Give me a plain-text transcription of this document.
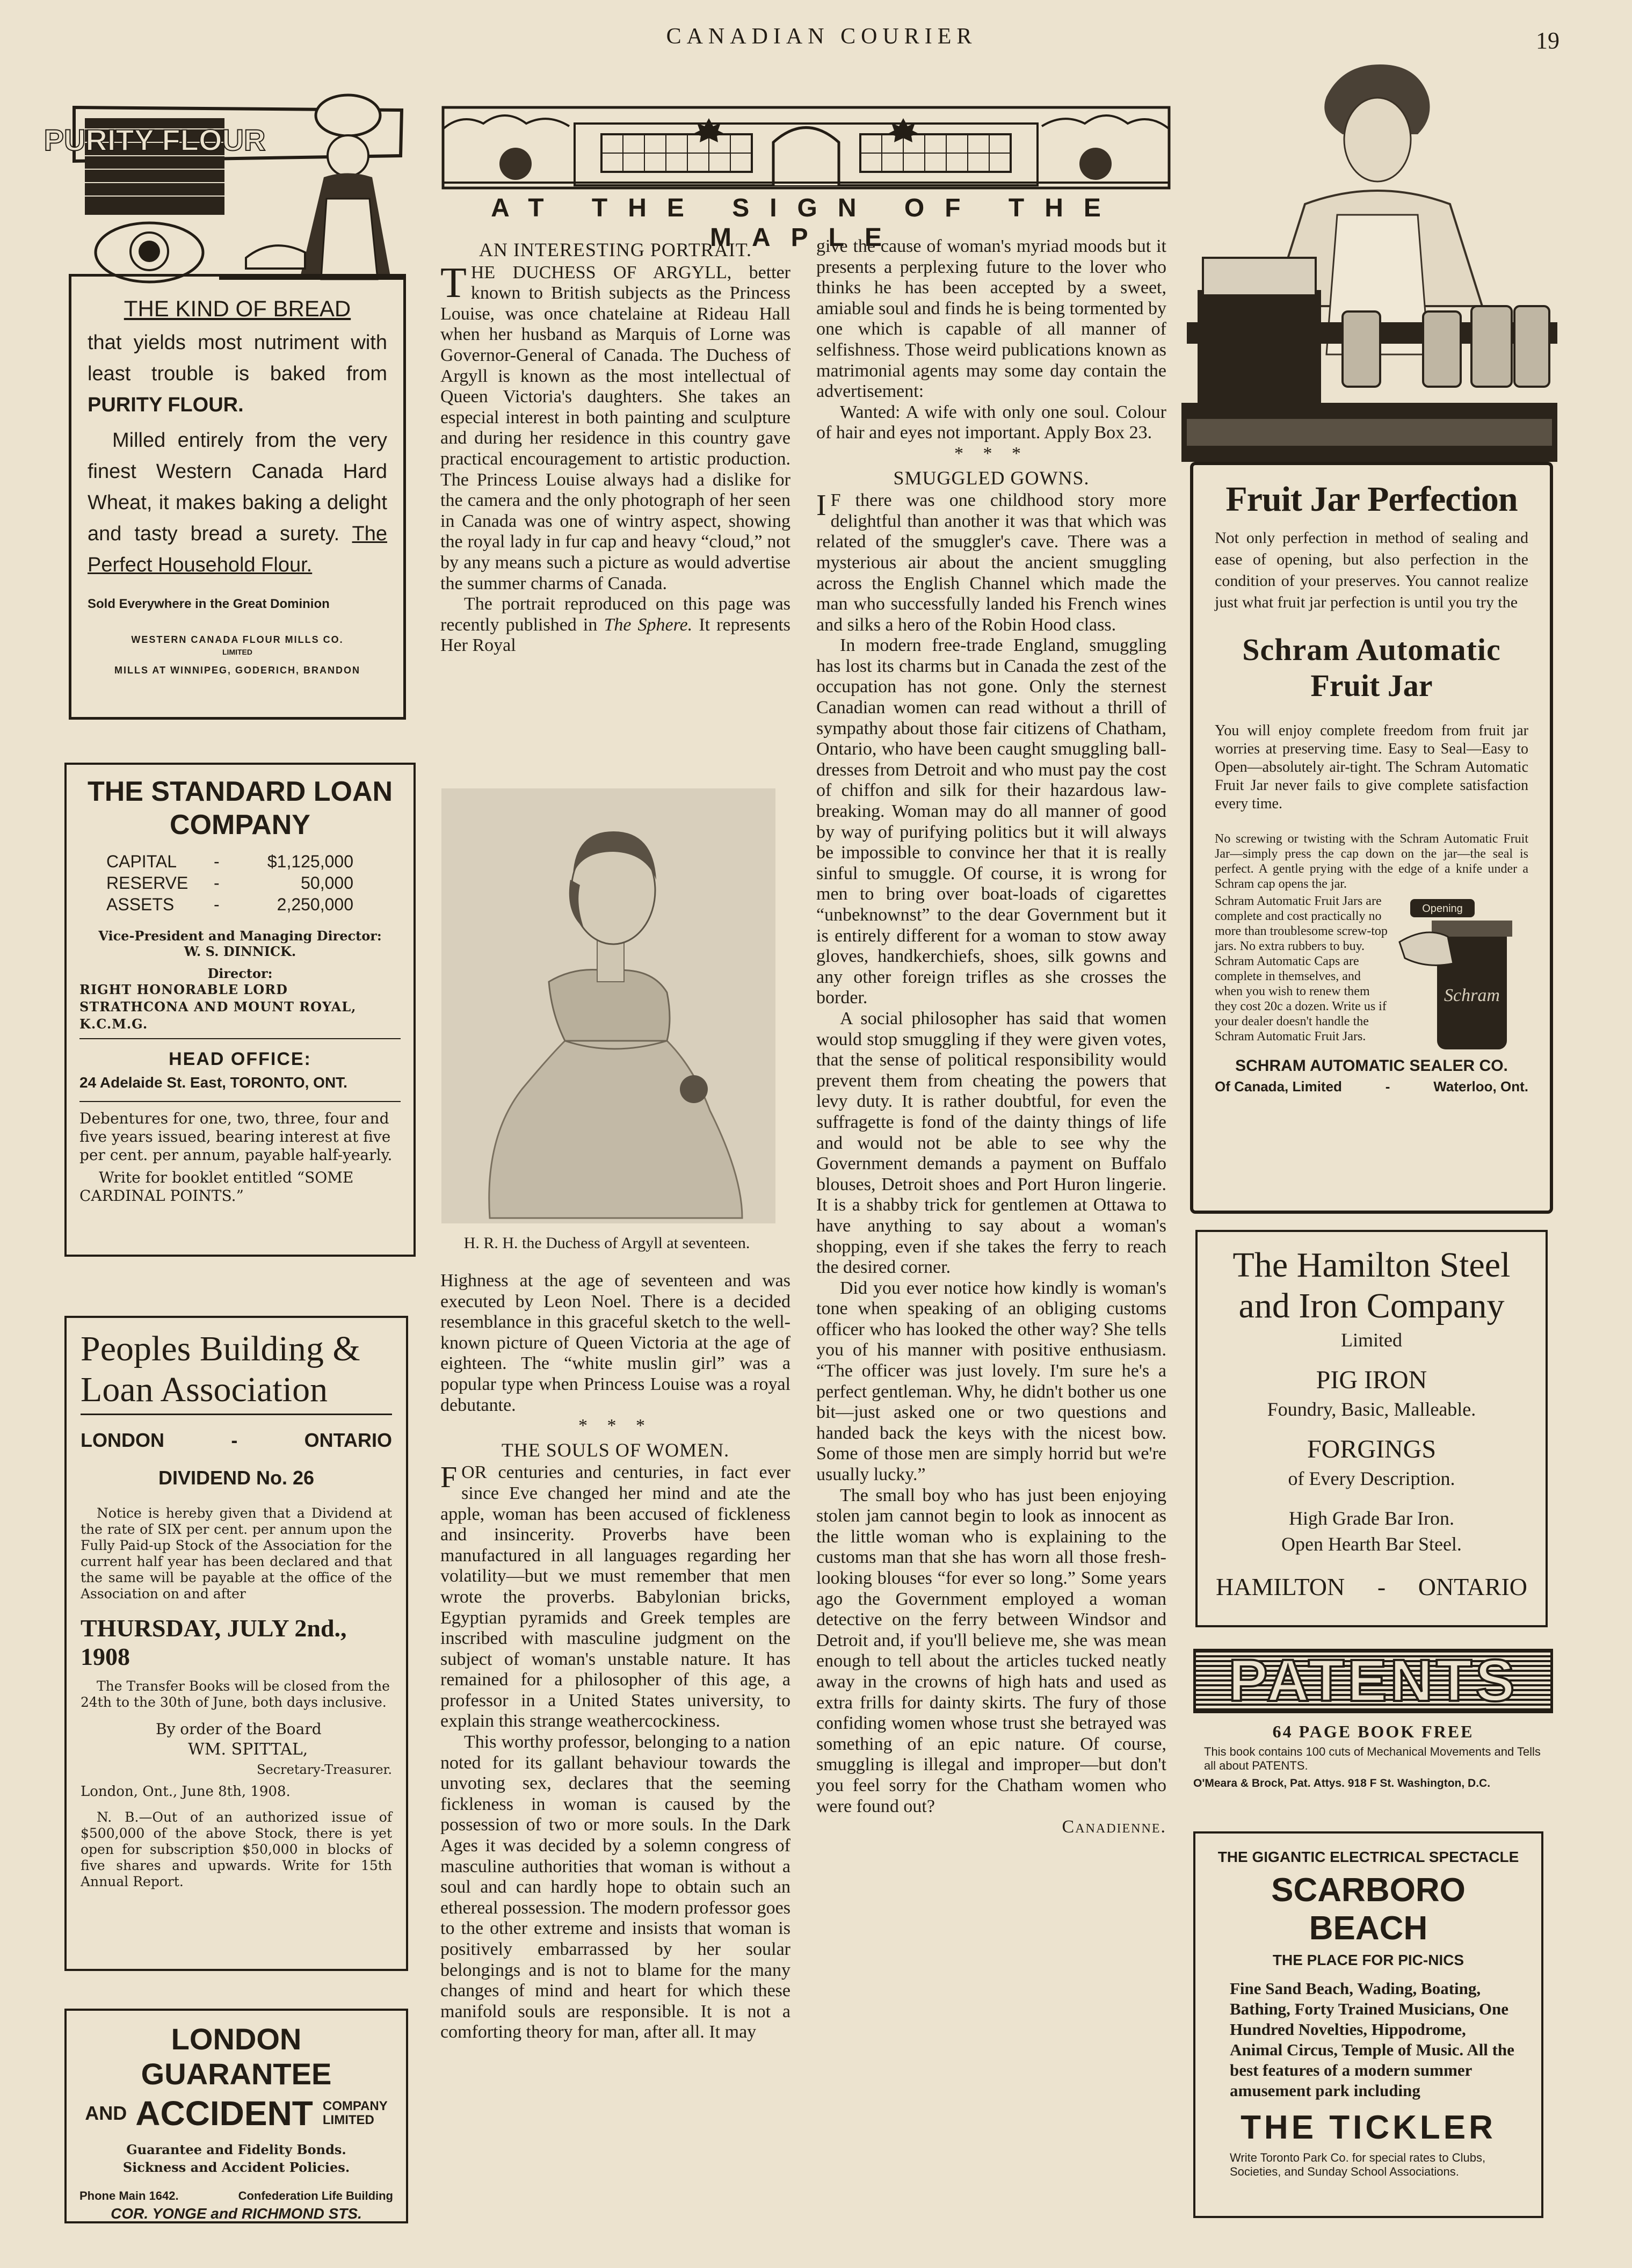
CANADIAN COURIER	19
PURITY FLOUR
THE KIND OF BREAD
that yields most nutriment with least trouble is baked from PURITY FLOUR.
Milled entirely from the very finest Western Canada Hard Wheat, it makes baking a delight and tasty bread a surety. The Perfect Household Flour.
Sold Everywhere in the Great Dominion
WESTERN CANADA FLOUR MILLS CO.
LIMITED
MILLS AT WINNIPEG, GODERICH, BRANDON
THE STANDARD LOAN
COMPANY
CAPITAL	-	$1,125,000
RESERVE	-	50,000
ASSETS	-	2,250,000
Vice-President and Managing Director:
W. S. DINNICK.
Director:
RIGHT HONORABLE LORD STRATHCONA AND MOUNT ROYAL, K.C.M.G.
HEAD OFFICE:
24 Adelaide St. East, TORONTO, ONT.
Debentures for one, two, three, four and five years issued, bearing interest at five per cent. per annum, payable half-yearly.
Write for booklet entitled “SOME CARDINAL POINTS.”
Peoples Building &
Loan Association
LONDON	-	ONTARIO
DIVIDEND No. 26
Notice is hereby given that a Dividend at the rate of SIX per cent. per annum upon the Fully Paid-up Stock of the Association for the current half year has been declared and that the same will be payable at the office of the Association on and after
THURSDAY, JULY 2nd., 1908
The Transfer Books will be closed from the 24th to the 30th of June, both days inclusive.
By order of the Board
WM. SPITTAL,
Secretary-Treasurer.
London, Ont., June 8th, 1908.
N. B.—Out of an authorized issue of $500,000 of the above Stock, there is yet open for subscription $50,000 in blocks of five shares and upwards. Write for 15th Annual Report.
LONDON GUARANTEE
AND ACCIDENT COMPANY
LIMITED
Guarantee and Fidelity Bonds.
Sickness and Accident Policies.
Phone Main 1642.	Confederation Life Building
COR. YONGE and RICHMOND STS.
AT THE SIGN OF THE MAPLE
AN INTERESTING PORTRAIT.

THE DUCHESS OF ARGYLL, better known to British subjects as the Princess Louise, was once chatelaine at Rideau Hall when her husband as Marquis of Lorne was Governor-General of Canada. The Duchess of Argyll is known as the most intellectual of Queen Victoria's daughters. She takes an especial interest in both painting and sculpture and during her residence in this country gave practical encouragement to artistic production. The Princess Louise always had a dislike for the camera and the only photograph of her seen in Canada was one of wintry aspect, showing the royal lady in fur cap and heavy “cloud,” not by any means such a picture as would advertise the summer charms of Canada.

The portrait reproduced on this page was recently published in The Sphere. It represents Her Royal

H. R. H. the Duchess of Argyll at seventeen.

Highness at the age of seventeen and was executed by Leon Noel. There is a decided resemblance in this graceful sketch to the well-known picture of Queen Victoria at the age of eighteen. The “white muslin girl” was a popular type when Princess Louise was a royal debutante.

* * *
THE SOULS OF WOMEN.

FOR centuries and centuries, in fact ever since Eve changed her mind and ate the apple, woman has been accused of fickleness and insincerity. Proverbs have been manufactured in all languages regarding her volatility—but we must remember that men wrote the proverbs. Babylonian bricks, Egyptian pyramids and Greek temples are inscribed with masculine judgment on the subject of woman's unstable nature. It has remained for a philosopher of this age, a professor in a United States university, to explain this strange weathercockiness.

This worthy professor, belonging to a nation noted for its gallant behaviour towards the unvoting sex, declares that the seeming fickleness in woman is caused by the possession of two or more souls. In the Dark Ages it was decided by a solemn congress of masculine authorities that woman is without a soul and can hardly hope to obtain such an ethereal possession. The modern professor goes to the other extreme and insists that woman is positively embarrassed by her soular belongings and is not to blame for the many changes of mind and heart for which these manifold souls are responsible. It is not a comforting theory for man, after all. It may

give the cause of woman's myriad moods but it presents a perplexing future to the lover who thinks he has been accepted by a sweet, amiable soul and finds he is being tormented by one which is capable of all manner of selfishness. Those weird publications known as matrimonial agents may some day contain the advertisement:

Wanted: A wife with only one soul. Colour of hair and eyes not important. Apply Box 23.

* * *
SMUGGLED GOWNS.

I F there was one childhood story more delightful than another it was that which was related of the smuggler's cave. There was a mysterious air about the ancient smuggling across the English Channel which made the man who successfully landed his French wines and silks a hero of the Robin Hood class.

In modern free-trade England, smuggling has lost its charms but in Canada the zest of the occupation has not gone. Only the sternest Canadian women can read without a thrill of sympathy about those fair citizens of Chatham, Ontario, who have been caught smuggling ball-dresses from Detroit and who must pay the cost of chiffon and silk for their hazardous law-breaking. Woman may do all manner of good by way of purifying politics but it will always be impossible to convince her that it is really sinful to smuggle. Of course, it is wrong for men to bring over boat-loads of cigarettes “unbeknownst” to the dear Government but it is entirely different for a woman to stow away gloves, handkerchiefs, shoes, silk gowns and any other foreign trifles as she crosses the border.

A social philosopher has said that women would stop smuggling if they were given votes, that the sense of political responsibility would prevent them from cheating the powers that levy duty. It is rather doubtful, for even the suffragette is fond of the dainty things of life and would not be able to see why the Government demands a payment on Buffalo blouses, Detroit shoes and Port Huron lingerie. It is a shabby trick for gentlemen at Ottawa to have anything to say about a woman's shopping, even if she takes the ferry to reach the desired corner.

Did you ever notice how kindly is woman's tone when speaking of an obliging customs officer who has looked the other way? She tells you of his manner with positive enthusiasm. “The officer was just lovely. I'm sure he's a perfect gentleman. Why, he didn't bother us one bit—just asked one or two questions and handed back the keys with the nicest bow. Some of those men are simply horrid but we're usually lucky.”

The small boy who has just been enjoying stolen jam cannot begin to look as innocent as the little woman who is explaining to the customs man that she has worn all those fresh-looking blouses “for ever so long.” Some years ago the Government employed a woman detective on the ferry between Windsor and Detroit and, if you'll believe me, she was mean enough to tell about the articles tucked neatly away in the crowns of high hats and used as extra frills for dainty skirts. The fury of those confiding women whose trust she betrayed was something of an epic nature. Of course, smuggling is illegal and improper—but don't you feel sorry for the Chatham women who were found out?

Canadienne.
Fruit Jar Perfection
Not only perfection in method of sealing and ease of opening, but also perfection in the condition of your preserves. You cannot realize just what fruit jar perfection is until you try the
Schram Automatic
Fruit Jar
You will enjoy complete freedom from fruit jar worries at preserving time. Easy to Seal—Easy to Open—absolutely air-tight. The Schram Automatic Fruit Jar never fails to give complete satisfaction every time.
No screwing or twisting with the Schram Automatic Fruit Jar—simply press the cap down on the jar—the seal is perfect. A gentle prying with the edge of a knife under a Schram cap opens the jar.
Schram Automatic Fruit Jars are complete and cost practically no more than troublesome screw-top jars. No extra rubbers to buy. Schram Automatic Caps are complete in themselves, and when you wish to renew them they cost 20c a dozen. Write us if your dealer doesn't handle the Schram Automatic Fruit Jars.
Opening
Schram
SCHRAM AUTOMATIC SEALER CO.
Of Canada, Limited	-	Waterloo, Ont.
The Hamilton Steel
and Iron Company
Limited
PIG IRON
Foundry, Basic, Malleable.
FORGINGS
of Every Description.
High Grade Bar Iron.
Open Hearth Bar Steel.
HAMILTON - ONTARIO
PATENTS
64 PAGE BOOK FREE
This book contains 100 cuts of Mechanical Movements and Tells all about PATENTS.
O'Meara & Brock, Pat. Attys. 918 F St. Washington, D.C.
THE GIGANTIC ELECTRICAL SPECTACLE
SCARBORO BEACH
THE PLACE FOR PIC-NICS
Fine Sand Beach, Wading, Boating, Bathing, Forty Trained Musicians, One Hundred Novelties, Hippodrome, Animal Circus, Temple of Music. All the best features of a modern summer amusement park including
THE TICKLER
Write Toronto Park Co. for special rates to Clubs, Societies, and Sunday School Associations.
